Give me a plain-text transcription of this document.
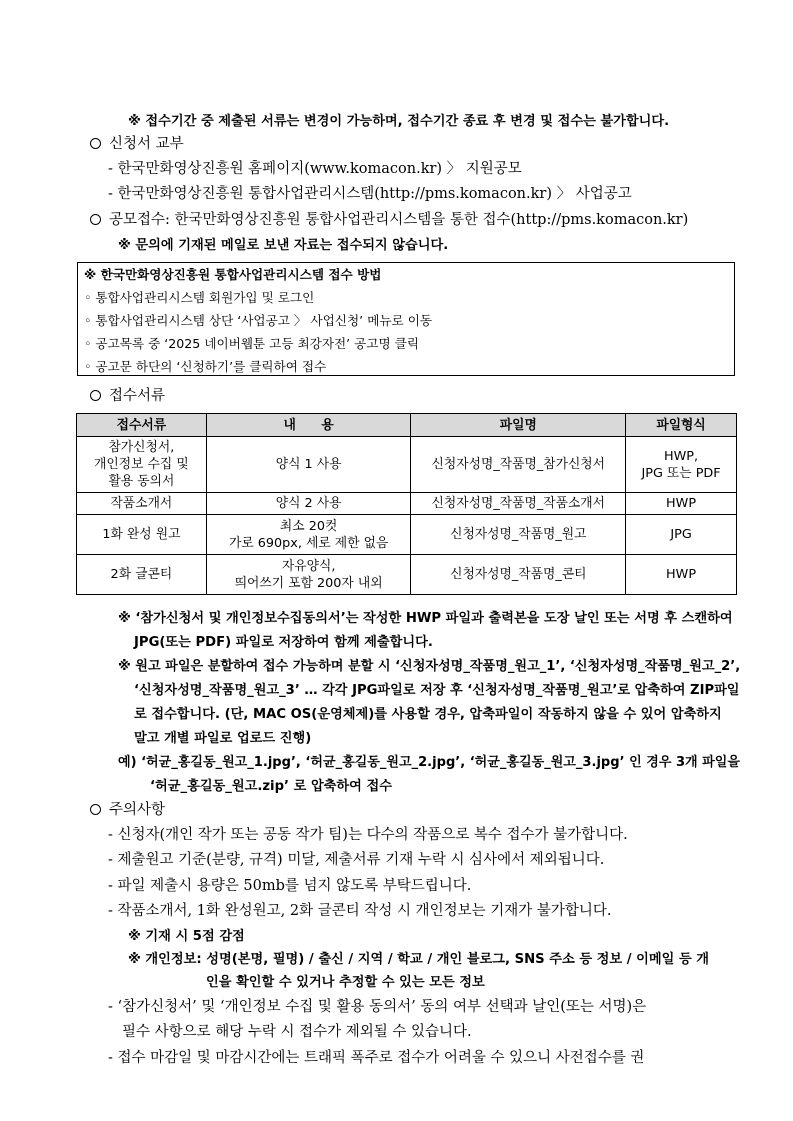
※ 접수기간 중 제출된 서류는 변경이 가능하며, 접수기간 종료 후 변경 및 접수는 불가합니다.
신청서 교부
- 한국만화영상진흥원 홈페이지(www.komacon.kr) 〉 지원공모
- 한국만화영상진흥원 통합사업관리시스템(http://pms.komacon.kr) 〉 사업공고
공모접수: 한국만화영상진흥원 통합사업관리시스템을 통한 접수(http://pms.komacon.kr)
※ 문의에 기재된 메일로 보낸 자료는 접수되지 않습니다.
※ 한국만화영상진흥원 통합사업관리시스템 접수 방법
◦ 통합사업관리시스템 회원가입 및 로그인
◦ 통합사업관리시스템 상단 ‘사업공고 〉 사업신청’ 메뉴로 이동
◦ 공고목록 중 ‘2025 네이버웹툰 고등 최강자전’ 공고명 클릭
◦ 공고문 하단의 ‘신청하기’를 클릭하여 접수
접수서류
접수서류	내　　용	파일명	파일형식

참가신청서,
개인정보 수집 및
활용 동의서	양식 1 사용	신청자성명_작품명_참가신청서	HWP,
JPG 또는 PDF

작품소개서	양식 2 사용	신청자성명_작품명_작품소개서	HWP
1화 완성 원고	최소 20컷
가로 690px, 세로 제한 없음	신청자성명_작품명_원고	JPG
2화 글콘티	자유양식,
띄어쓰기 포함 200자 내외	신청자성명_작품명_콘티	HWP
※ ‘참가신청서 및 개인정보수집동의서’는 작성한 HWP 파일과 출력본을 도장 날인 또는 서명 후 스캔하여
JPG(또는 PDF) 파일로 저장하여 함께 제출합니다.
※ 원고 파일은 분할하여 접수 가능하며 분할 시 ‘신청자성명_작품명_원고_1’, ‘신청자성명_작품명_원고_2’,
‘신청자성명_작품명_원고_3’ … 각각 JPG파일로 저장 후 ‘신청자성명_작품명_원고’로 압축하여 ZIP파일
로 접수합니다. (단, MAC OS(운영체제)를 사용할 경우, 압축파일이 작동하지 않을 수 있어 압축하지
말고 개별 파일로 업로드 진행)
예) ‘허균_홍길동_원고_1.jpg’, ‘허균_홍길동_원고_2.jpg’, ‘허균_홍길동_원고_3.jpg’ 인 경우 3개 파일을
‘허균_홍길동_원고.zip’ 로 압축하여 접수
주의사항
- 신청자(개인 작가 또는 공동 작가 팀)는 다수의 작품으로 복수 접수가 불가합니다.
- 제출원고 기준(분량, 규격) 미달, 제출서류 기재 누락 시 심사에서 제외됩니다.
- 파일 제출시 용량은 50mb를 넘지 않도록 부탁드립니다.
- 작품소개서, 1화 완성원고, 2화 글콘티 작성 시 개인정보는 기재가 불가합니다.
※ 기재 시 5점 감점
※ 개인정보: 성명(본명, 필명) / 출신 / 지역 / 학교 / 개인 블로그, SNS 주소 등 정보 / 이메일 등 개
인을 확인할 수 있거나 추정할 수 있는 모든 정보
- ‘참가신청서’ 및 ‘개인정보 수집 및 활용 동의서’ 동의 여부 선택과 날인(또는 서명)은
필수 사항으로 해당 누락 시 접수가 제외될 수 있습니다.
- 접수 마감일 및 마감시간에는 트래픽 폭주로 접수가 어려울 수 있으니 사전접수를 권
